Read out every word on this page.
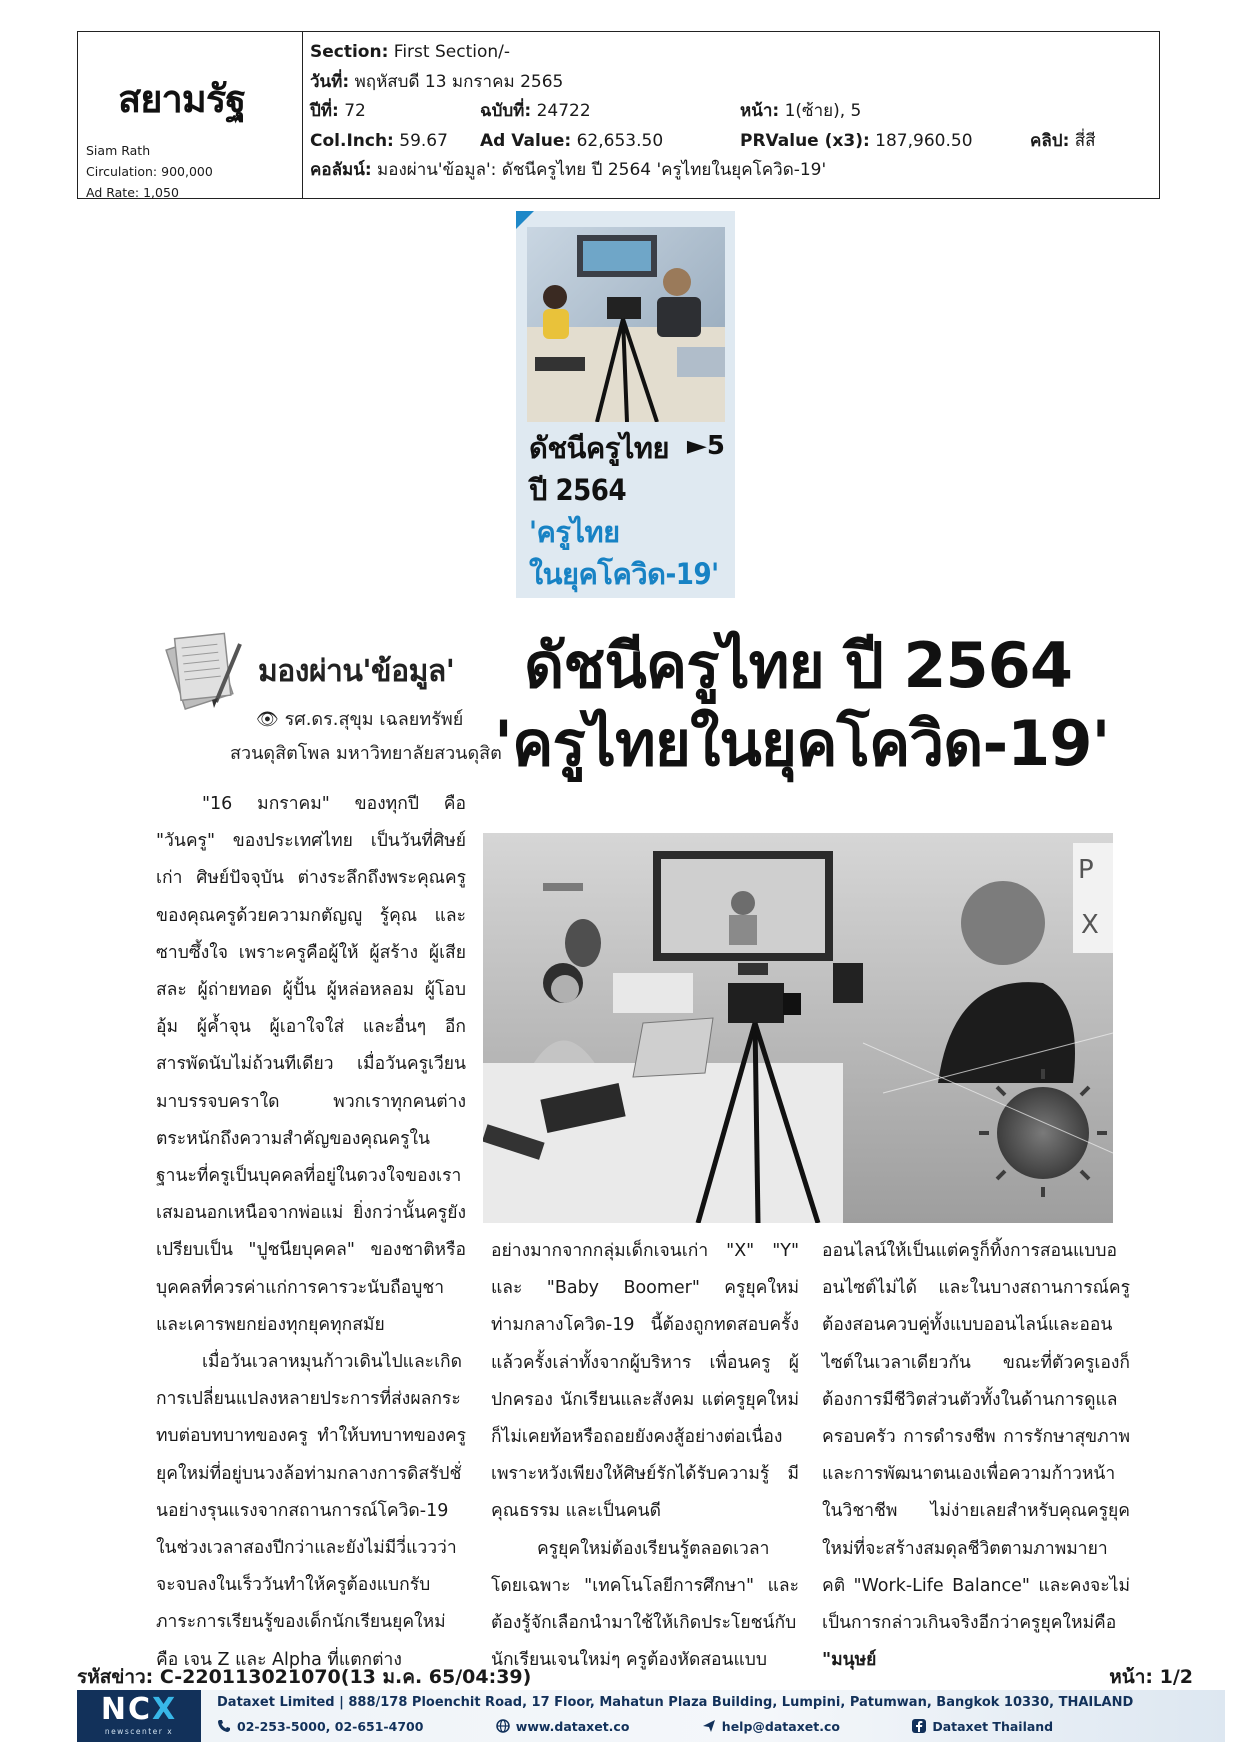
สยามรัฐ
Siam Rath
Circulation: 900,000
Ad Rate: 1,050
Section: First Section/-
วันที่: พฤหัสบดี 13 มกราคม 2565
ปีที่: 72	ฉบับที่: 24722	หน้า: 1(ซ้าย), 5
Col.Inch: 59.67 Ad Value: 62,653.50	PRValue (x3): 187,960.50	คลิป: สี่สี
คอลัมน์: มองผ่าน'ข้อมูล': ดัชนีครูไทย ปี 2564 'ครูไทยในยุคโควิด-19'
►5
ดัชนีครูไทย
ปี 2564
'ครูไทย
ในยุคโควิด-19'
มองผ่าน'ข้อมูล'
👁 รศ.ดร.สุขุม เฉลยทรัพย์
สวนดุสิตโพล มหาวิทยาลัยสวนดุสิต
ดัชนีครูไทย ปี 2564
'ครูไทยในยุคโควิด-19'
P
X

"16 มกราคม" ของทุกปี คือ "วันครู" ของประเทศไทย เป็นวันที่ศิษย์เก่า ศิษย์ปัจจุบัน ต่างระลึกถึงพระคุณครูของคุณครูด้วยความกตัญญู รู้คุณ และซาบซึ้งใจ เพราะครูคือผู้ให้ ผู้สร้าง ผู้เสียสละ ผู้ถ่ายทอด ผู้ปั้น ผู้หล่อหลอม ผู้โอบอุ้ม ผู้ค้ำจุน ผู้เอาใจใส่ และอื่นๆ อีกสารพัดนับไม่ถ้วนทีเดียว เมื่อวันครูเวียนมาบรรจบคราใด พวกเราทุกคนต่างตระหนักถึงความสำคัญของคุณครูในฐานะที่ครูเป็นบุคคลที่อยู่ในดวงใจของเราเสมอนอกเหนือจากพ่อแม่ ยิ่งกว่านั้นครูยังเปรียบเป็น "ปูชนียบุคคล" ของชาติหรือบุคคลที่ควรค่าแก่การคารวะนับถือบูชาและเคารพยกย่องทุกยุคทุกสมัย

เมื่อวันเวลาหมุนก้าวเดินไปและเกิดการเปลี่ยนแปลงหลายประการที่ส่งผลกระทบต่อบทบาทของครู ทำให้บทบาทของครูยุคใหม่ที่อยู่บนวงล้อท่ามกลางการดิสรัปชั่นอย่างรุนแรงจากสถานการณ์โควิด-19 ในช่วงเวลาสองปีกว่าและยังไม่มีวี่แววว่าจะจบลงในเร็ววันทำให้ครูต้องแบกรับภาระการเรียนรู้ของเด็กนักเรียนยุคใหม่คือ เจน Z และ Alpha ที่แตกต่าง

อย่างมากจากกลุ่มเด็กเจนเก่า "X" "Y" และ "Baby Boomer" ครูยุคใหม่ท่ามกลางโควิด-19 นี้ต้องถูกทดสอบครั้งแล้วครั้งเล่าทั้งจากผู้บริหาร เพื่อนครู ผู้ปกครอง นักเรียนและสังคม แต่ครูยุคใหม่ก็ไม่เคยท้อหรือถอยยังคงสู้อย่างต่อเนื่องเพราะหวังเพียงให้ศิษย์รักได้รับความรู้ มีคุณธรรม และเป็นคนดี

ครูยุคใหม่ต้องเรียนรู้ตลอดเวลาโดยเฉพาะ "เทคโนโลยีการศึกษา" และต้องรู้จักเลือกนำมาใช้ให้เกิดประโยชน์กับนักเรียนเจนใหม่ๆ ครูต้องหัดสอนแบบ

ออนไลน์ให้เป็นแต่ครูก็ทิ้งการสอนแบบออนไซต์ไม่ได้ และในบางสถานการณ์ครูต้องสอนควบคู่ทั้งแบบออนไลน์และออนไซต์ในเวลาเดียวกัน ขณะที่ตัวครูเองก็ต้องการมีชีวิตส่วนตัวทั้งในด้านการดูแลครอบครัว การดำรงชีพ การรักษาสุขภาพ และการพัฒนาตนเองเพื่อความก้าวหน้าในวิชาชีพ ไม่ง่ายเลยสำหรับคุณครูยุคใหม่ที่จะสร้างสมดุลชีวิตตามภาพมายาคติ "Work-Life Balance" และคงจะไม่เป็นการกล่าวเกินจริงอีกว่าครูยุคใหม่คือ "มนุษย์

รหัสข่าว: C-220113021070(13 ม.ค. 65/04:39)	หน้า: 1/2
NCX
newscenter x
Dataxet Limited | 888/178 Ploenchit Road, 17 Floor, Mahatun Plaza Building, Lumpini, Patumwan, Bangkok 10330, THAILAND
02-253-5000, 02-651-4700	www.dataxet.co	help@dataxet.co	Dataxet Thailand
